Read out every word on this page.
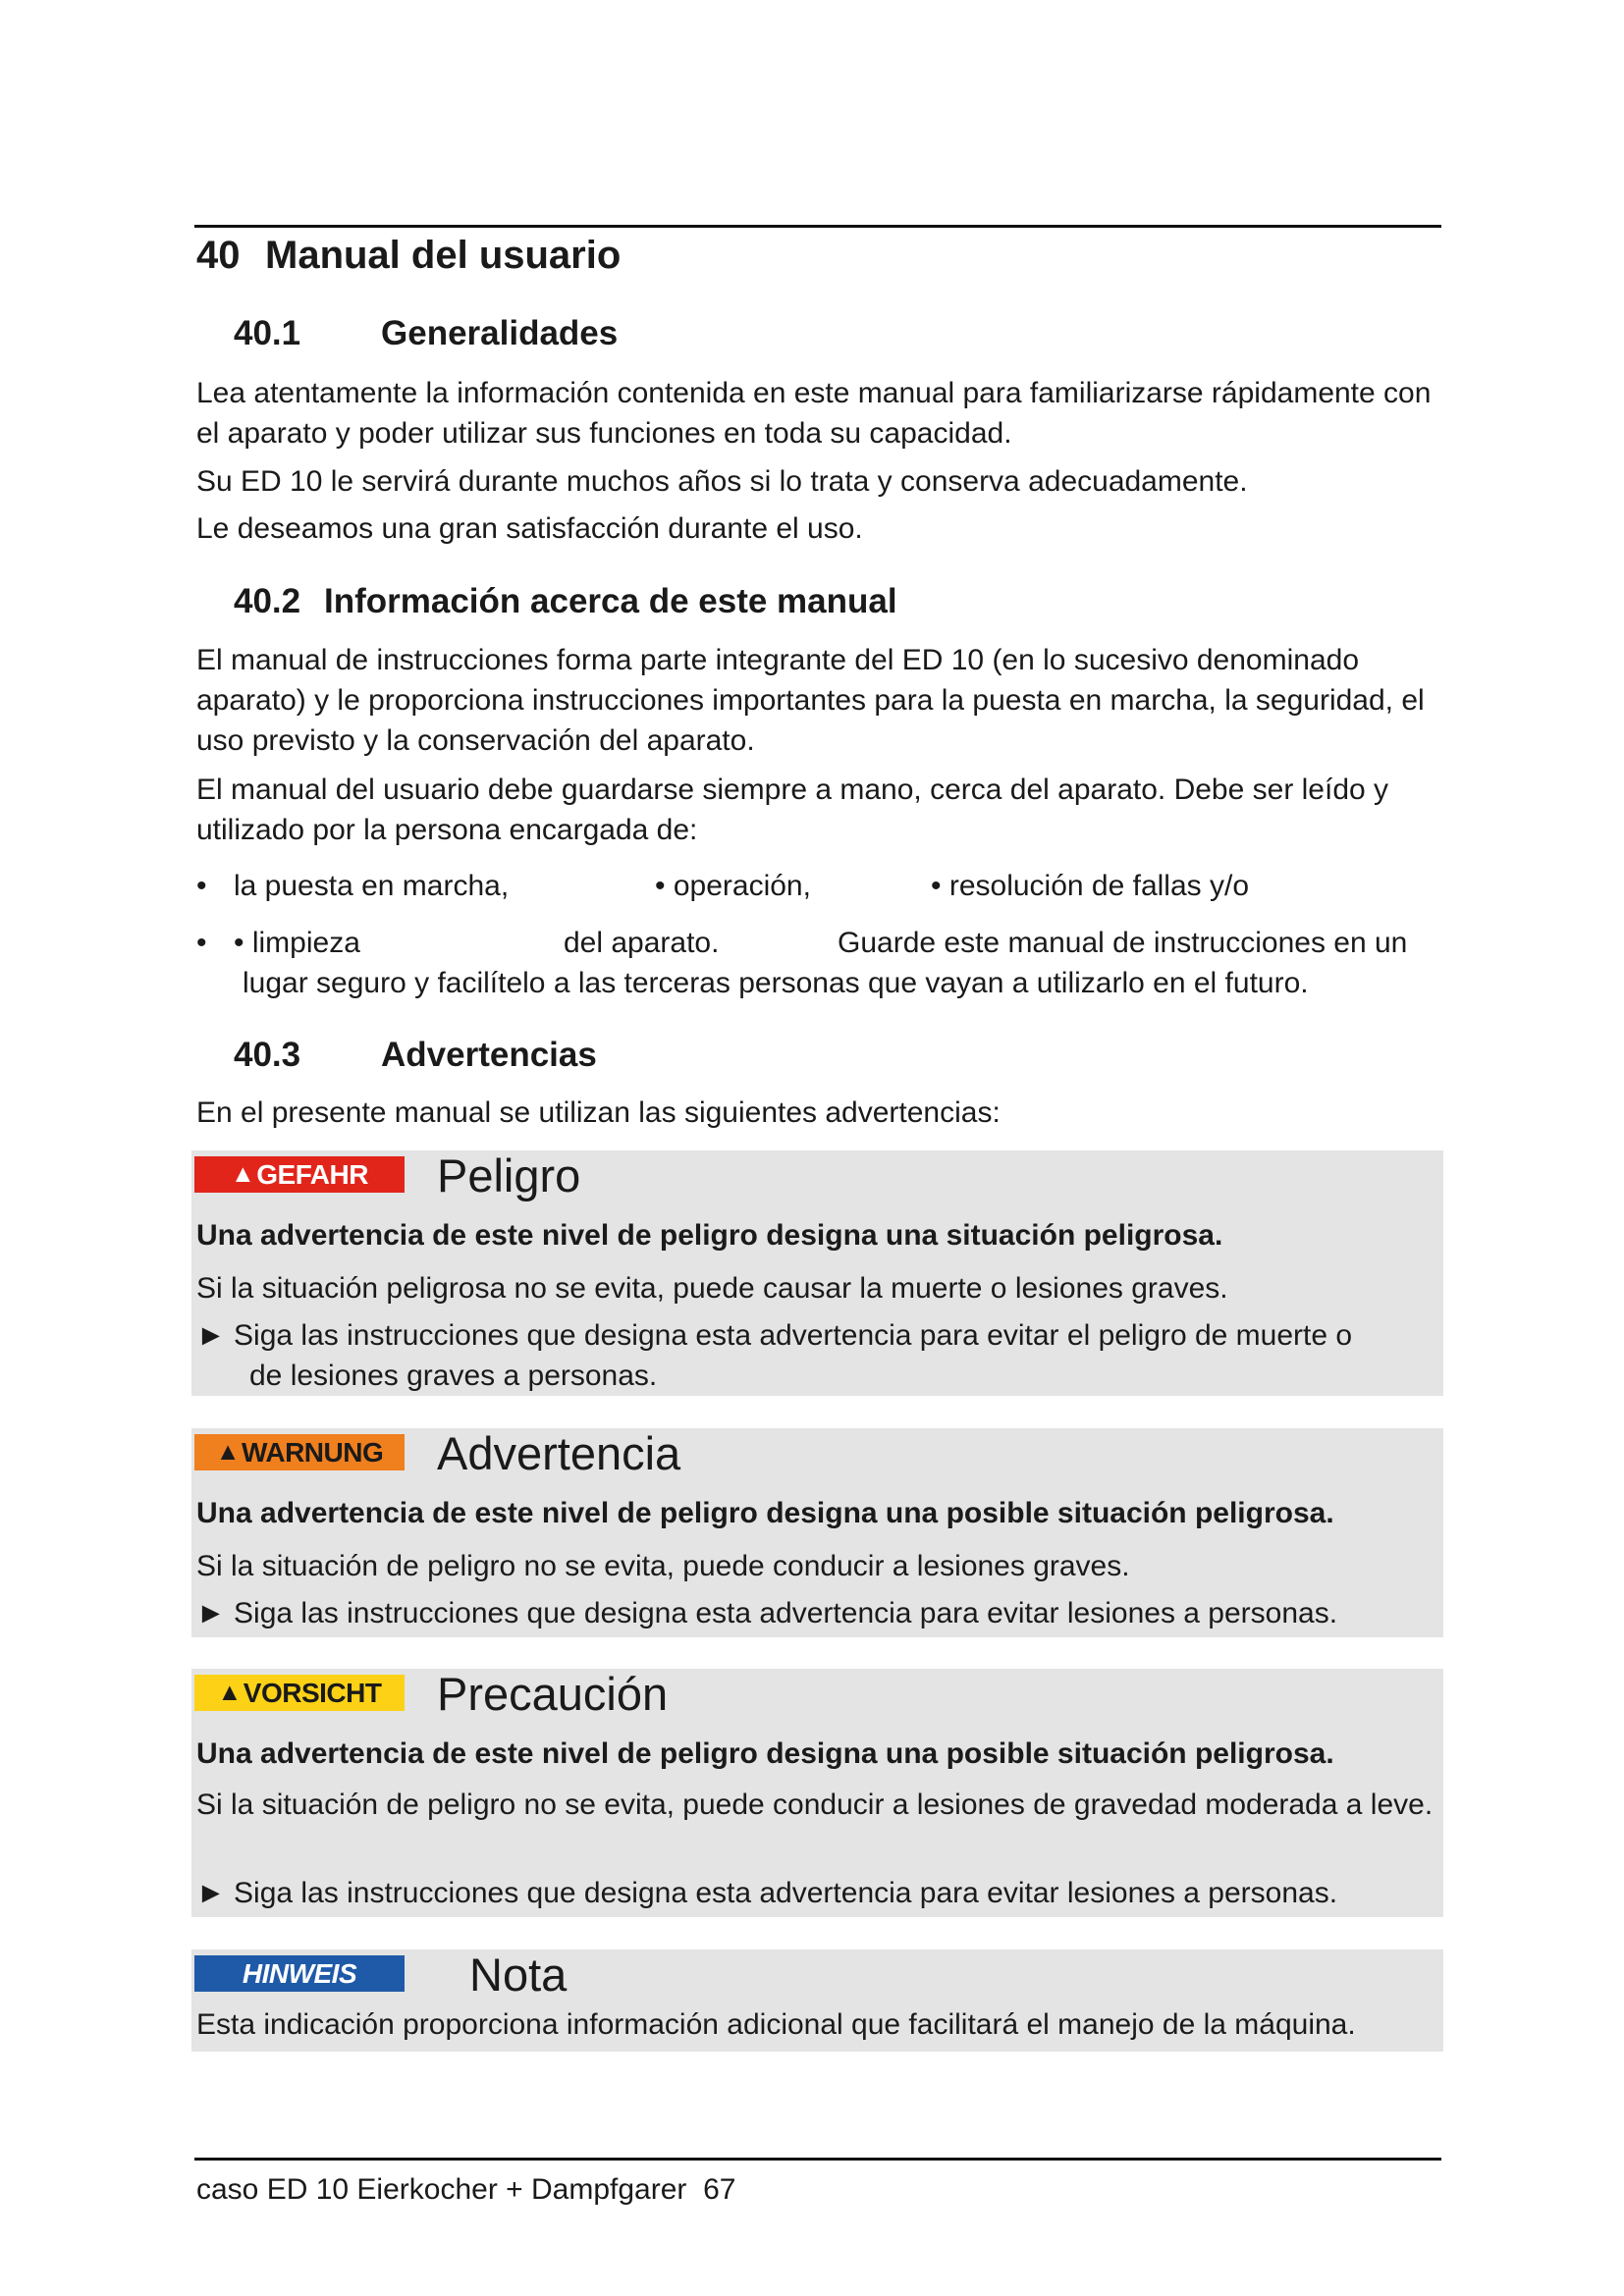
40 Manual del usuario
40.1 Generalidades
Lea atentamente la información contenida en este manual para familiarizarse rápidamente con el aparato y poder utilizar sus funciones en toda su capacidad.
Su ED 10 le servirá durante muchos años si lo trata y conserva adecuadamente.
Le deseamos una gran satisfacción durante el uso.
40.2 Información acerca de este manual
El manual de instrucciones forma parte integrante del ED 10 (en lo sucesivo denominado aparato) y le proporciona instrucciones importantes para la puesta en marcha, la seguridad, el uso previsto y la conservación del aparato.
El manual del usuario debe guardarse siempre a mano, cerca del aparato. Debe ser leído y utilizado por la persona encargada de:
• la puesta en marcha,	• operación,	• resolución de fallas y/o
• • limpieza	del aparato.	Guarde este manual de instrucciones en un
lugar seguro y facilítelo a las terceras personas que vayan a utilizarlo en el futuro.
40.3 Advertencias
En el presente manual se utilizan las siguientes advertencias:
▲ GEFAHR Peligro
Una advertencia de este nivel de peligro designa una situación peligrosa.
Si la situación peligrosa no se evita, puede causar la muerte o lesiones graves.
► Siga las instrucciones que designa esta advertencia para evitar el peligro de muerte o
de lesiones graves a personas.
▲ WARNUNG Advertencia
Una advertencia de este nivel de peligro designa una posible situación peligrosa.
Si la situación de peligro no se evita, puede conducir a lesiones graves.
► Siga las instrucciones que designa esta advertencia para evitar lesiones a personas.
▲ VORSICHT Precaución
Una advertencia de este nivel de peligro designa una posible situación peligrosa.
Si la situación de peligro no se evita, puede conducir a lesiones de gravedad moderada a leve.
► Siga las instrucciones que designa esta advertencia para evitar lesiones a personas.
HINWEIS	Nota
Esta indicación proporciona información adicional que facilitará el manejo de la máquina.
caso ED 10 Eierkocher + Dampfgarer 67
